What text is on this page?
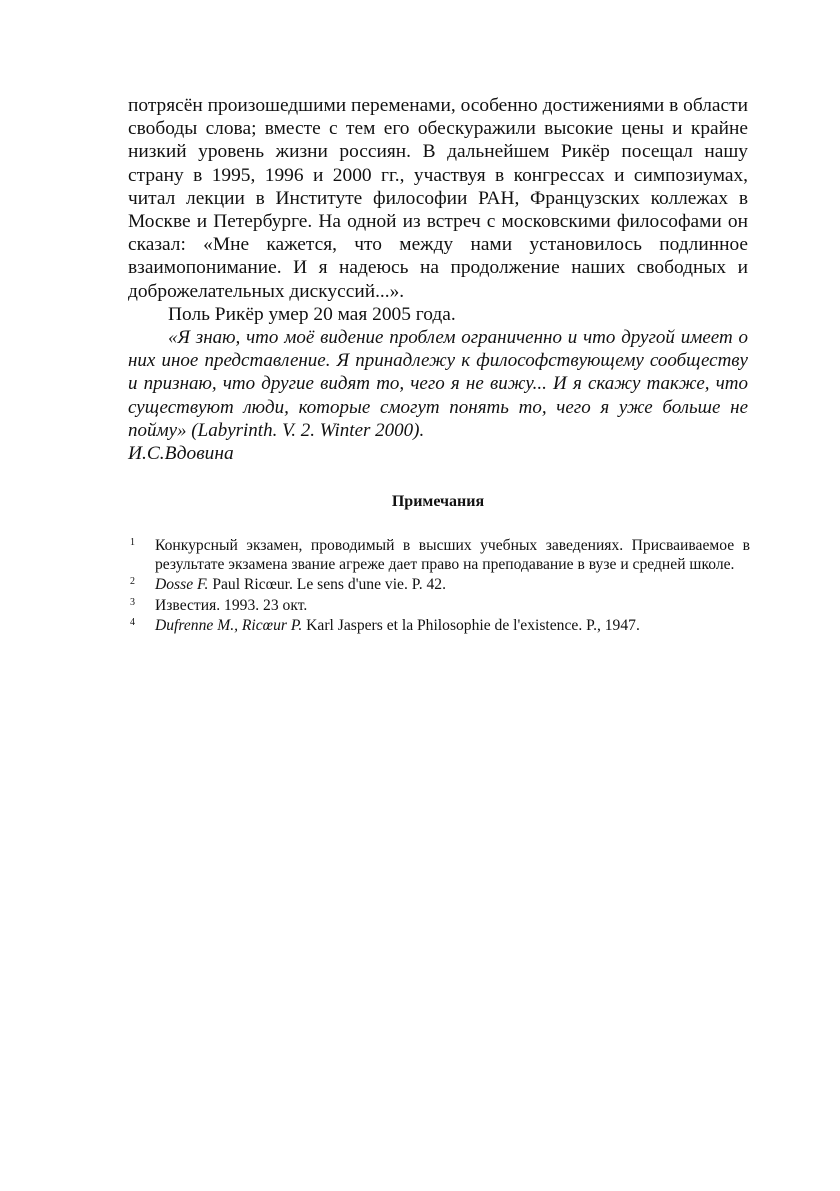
потрясён произошедшими переменами, особенно достижениями в области свободы слова; вместе с тем его обескуражили высокие цены и крайне низкий уровень жизни россиян. В дальнейшем Рикёр посещал нашу страну в 1995, 1996 и 2000 гг., участвуя в конгрессах и симпозиумах, читал лекции в Институте философии РАН, Французских коллежах в Москве и Петербурге. На одной из встреч с московскими философами он сказал: «Мне кажется, что между нами установилось подлинное взаимопонимание. И я надеюсь на продолжение наших свободных и доброжелательных дискуссий...».

Поль Рикёр умер 20 мая 2005 года.

«Я знаю, что моё видение проблем ограниченно и что другой имеет о них иное представление. Я принадлежу к философствующему сообществу и признаю, что другие видят то, чего я не вижу... И я скажу также, что существуют люди, которые смогут понять то, чего я уже больше не пойму» (Labyrinth. V. 2. Winter 2000).

И.С.Вдовина

Примечания
1 Конкурсный экзамен, проводимый в высших учебных заведениях. Присваиваемое в результате экзамена звание агреже дает право на преподавание в вузе и средней школе.
2 Dosse F. Paul Ricœur. Le sens d'une vie. P. 42.
3 Известия. 1993. 23 окт.
4 Dufrenne M., Ricœur P. Karl Jaspers et la Philosophie de l'existence. P., 1947.
